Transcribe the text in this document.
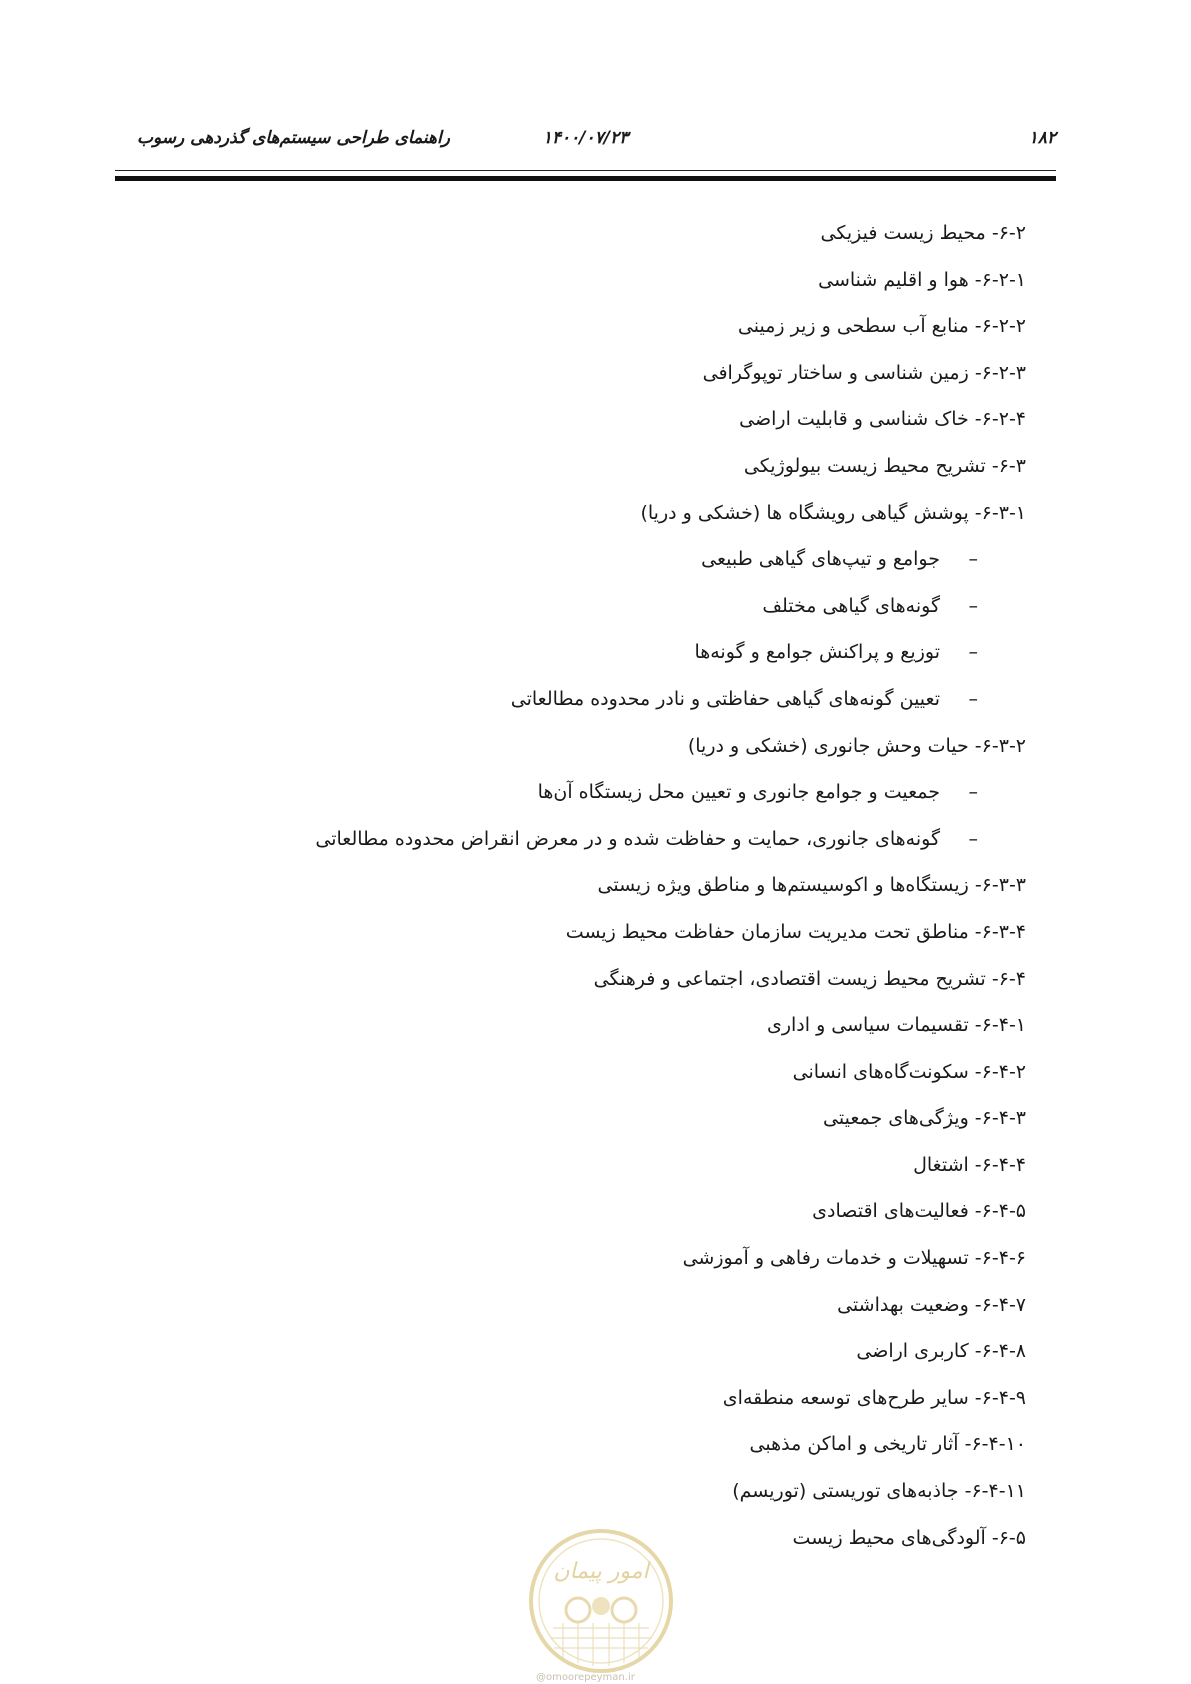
۱۸۲
۱۴۰۰/۰۷/۲۳
راهنمای طراحی سیستم‌های گذردهی رسوب
۶-۲- محیط زیست فیزیکی
۶-۲-۱- هوا و اقلیم شناسی
۶-۲-۲- منابع آب سطحی و زیر زمینی
۶-۲-۳- زمین شناسی و ساختار توپوگرافی
۶-۲-۴- خاک شناسی و قابلیت اراضی
۶-۳- تشریح محیط زیست بیولوژیکی
۶-۳-۱- پوشش گیاهی رویشگاه ها (خشکی و دریا)
–جوامع و تیپ‌های گیاهی طبیعی
–گونه‌های گیاهی مختلف
–توزیع و پراکنش جوامع و گونه‌ها
–تعیین گونه‌های گیاهی حفاظتی و نادر محدوده مطالعاتی
۶-۳-۲- حیات وحش جانوری (خشکی و دریا)
–جمعیت و جوامع جانوری و تعیین محل زیستگاه آن‌ها
–گونه‌های جانوری، حمایت و حفاظت شده و در معرض انقراض محدوده مطالعاتی
۶-۳-۳- زیستگاه‌ها و اکوسیستم‌ها و مناطق ویژه زیستی
۶-۳-۴- مناطق تحت مدیریت سازمان حفاظت محیط زیست
۶-۴- تشریح محیط زیست اقتصادی، اجتماعی و فرهنگی
۶-۴-۱- تقسیمات سیاسی و اداری
۶-۴-۲- سکونت‌گاه‌های انسانی
۶-۴-۳- ویژگی‌های جمعیتی
۶-۴-۴- اشتغال
۶-۴-۵- فعالیت‌های اقتصادی
۶-۴-۶- تسهیلات و خدمات رفاهی و آموزشی
۶-۴-۷- وضعیت بهداشتی
۶-۴-۸- کاربری اراضی
۶-۴-۹- سایر طرح‌های توسعه منطقه‌ای
۶-۴-۱۰- آثار تاریخی و اماکن مذهبی
۶-۴-۱۱- جاذبه‌های توریستی (توریسم)
۶-۵- آلودگی‌های محیط زیست
امور پیمان
@omoorepeyman.ir
